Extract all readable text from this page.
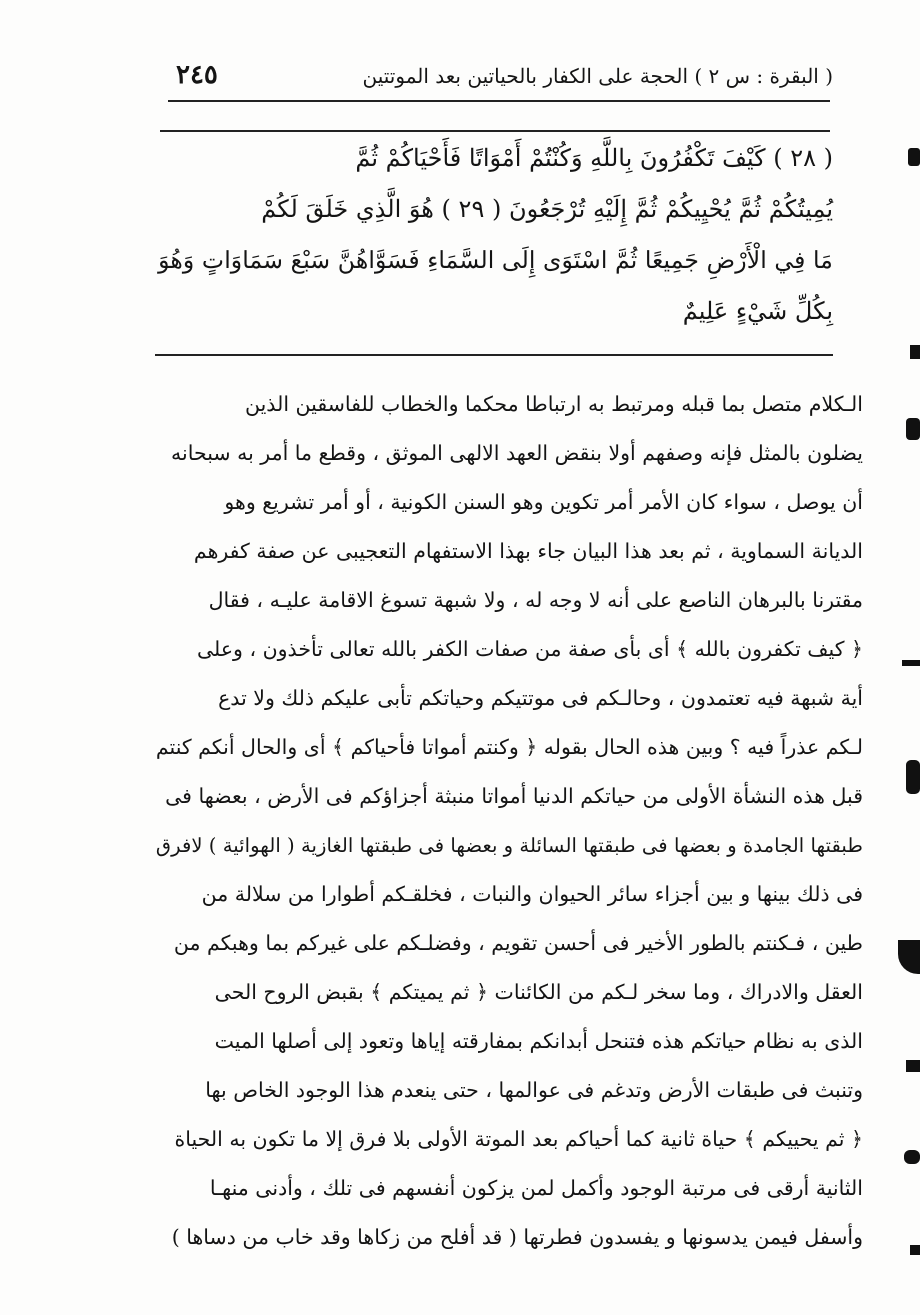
( البقرة : س ٢ ) الحجة على الكفار بالحياتين بعد الموتتين
٢٤٥

( ٢٨ ) كَيْفَ تَكْفُرُونَ بِاللَّهِ وَكُنْتُمْ أَمْوَاتًا فَأَحْيَاكُمْ ثُمَّ

يُمِيتُكُمْ ثُمَّ يُحْيِيكُمْ ثُمَّ إِلَيْهِ تُرْجَعُونَ ( ٢٩ ) هُوَ الَّذِي خَلَقَ لَكُمْ

مَا فِي الْأَرْضِ جَمِيعًا ثُمَّ اسْتَوَى إِلَى السَّمَاءِ فَسَوَّاهُنَّ سَبْعَ سَمَاوَاتٍ وَهُوَ

بِكُلِّ شَيْءٍ عَلِيمٌ

الـكلام متصل بما قبله ومرتبط به ارتباطا محكما والخطاب للفاسقين الذين
يضلون بالمثل فإنه وصفهم أولا بنقض العهد الالهى الموثق ، وقطع ما أمر به سبحانه
أن يوصل ، سواء كان الأمر أمر تكوين وهو السنن الكونية ، أو أمر تشريع وهو
الديانة السماوية ، ثم بعد هذا البيان جاء بهذا الاستفهام التعجيبى عن صفة كفرهم
مقترنا بالبرهان الناصع على أنه لا وجه له ، ولا شبهة تسوغ الاقامة عليـه ، فقال
﴿ كيف تكفرون بالله ﴾ أى بأى صفة من صفات الكفر بالله تعالى تأخذون ، وعلى
أية شبهة فيه تعتمدون ، وحالـكم فى موتتيكم وحياتكم تأبى عليكم ذلك ولا تدع
لـكم عذراً فيه ؟ وبين هذه الحال بقوله ﴿ وكنتم أمواتا فأحياكم ﴾ أى والحال أنكم كنتم
قبل هذه النشأة الأولى من حياتكم الدنيا أمواتا منبثة أجزاؤكم فى الأرض ، بعضها فى
طبقتها الجامدة و بعضها فى طبقتها السائلة و بعضها فى طبقتها الغازية ( الهوائية ) لافرق
فى ذلك بينها و بين أجزاء سائر الحيوان والنبات ، فخلقـكم أطوارا من سلالة من
طين ، فـكنتم بالطور الأخير فى أحسن تقويم ، وفضلـكم على غيركم بما وهبكم من
العقل والادراك ، وما سخر لـكم من الكائنات ﴿ ثم يميتكم ﴾ بقبض الروح الحى
الذى به نظام حياتكم هذه فتنحل أبدانكم بمفارقته إياها وتعود إلى أصلها الميت
وتنبث فى طبقات الأرض وتدغم فى عوالمها ، حتى ينعدم هذا الوجود الخاص بها
﴿ ثم يحييكم ﴾ حياة ثانية كما أحياكم بعد الموتة الأولى بلا فرق إلا ما تكون به الحياة
الثانية أرقى فى مرتبة الوجود وأكمل لمن يزكون أنفسهم فى تلك ، وأدنى منهـا
وأسفل فيمن يدسونها و يفسدون فطرتها ( قد أفلح من زكاها وقد خاب من دساها )
